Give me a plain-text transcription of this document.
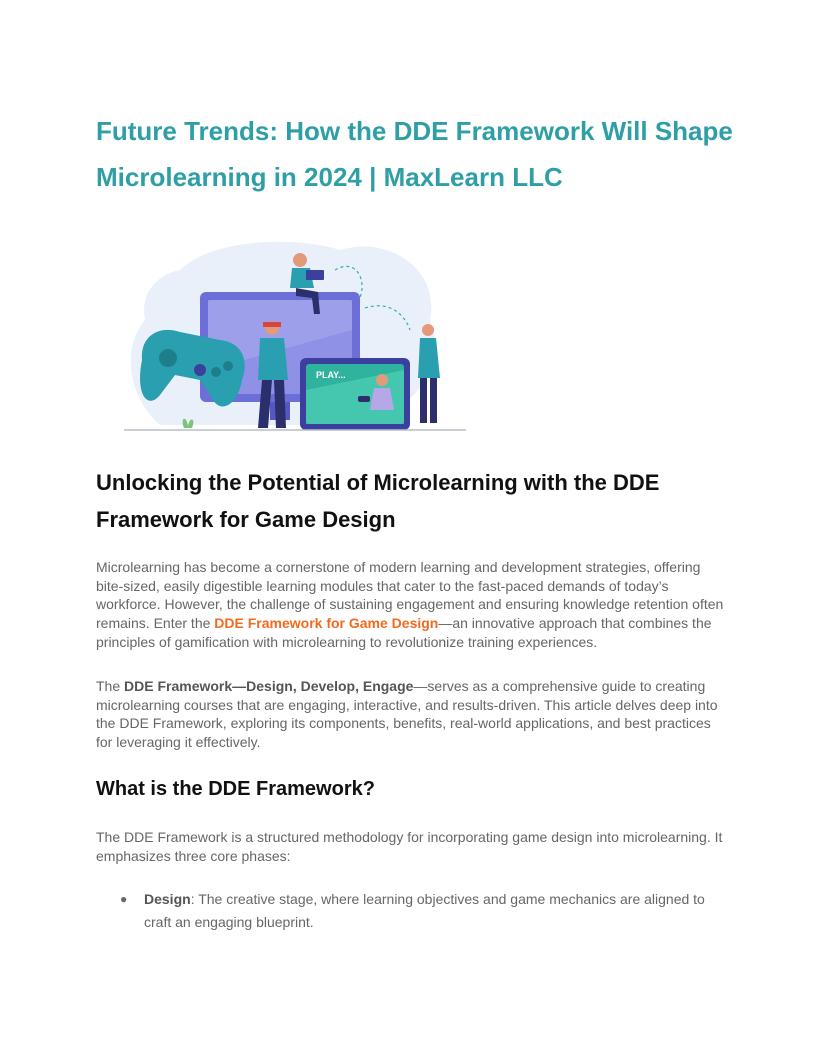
Future Trends: How the DDE Framework Will Shape Microlearning in 2024 | MaxLearn LLC
PLAY...
Unlocking the Potential of Microlearning with the DDE Framework for Game Design

Microlearning has become a cornerstone of modern learning and development strategies, offering bite-sized, easily digestible learning modules that cater to the fast-paced demands of today’s workforce. However, the challenge of sustaining engagement and ensuring knowledge retention often remains. Enter the DDE Framework for Game Design—an innovative approach that combines the principles of gamification with microlearning to revolutionize training experiences.

The DDE Framework—Design, Develop, Engage—serves as a comprehensive guide to creating microlearning courses that are engaging, interactive, and results-driven. This article delves deep into the DDE Framework, exploring its components, benefits, real-world applications, and best practices for leveraging it effectively.

What is the DDE Framework?

The DDE Framework is a structured methodology for incorporating game design into microlearning. It emphasizes three core phases:

● Design: The creative stage, where learning objectives and game mechanics are aligned to craft an engaging blueprint.
